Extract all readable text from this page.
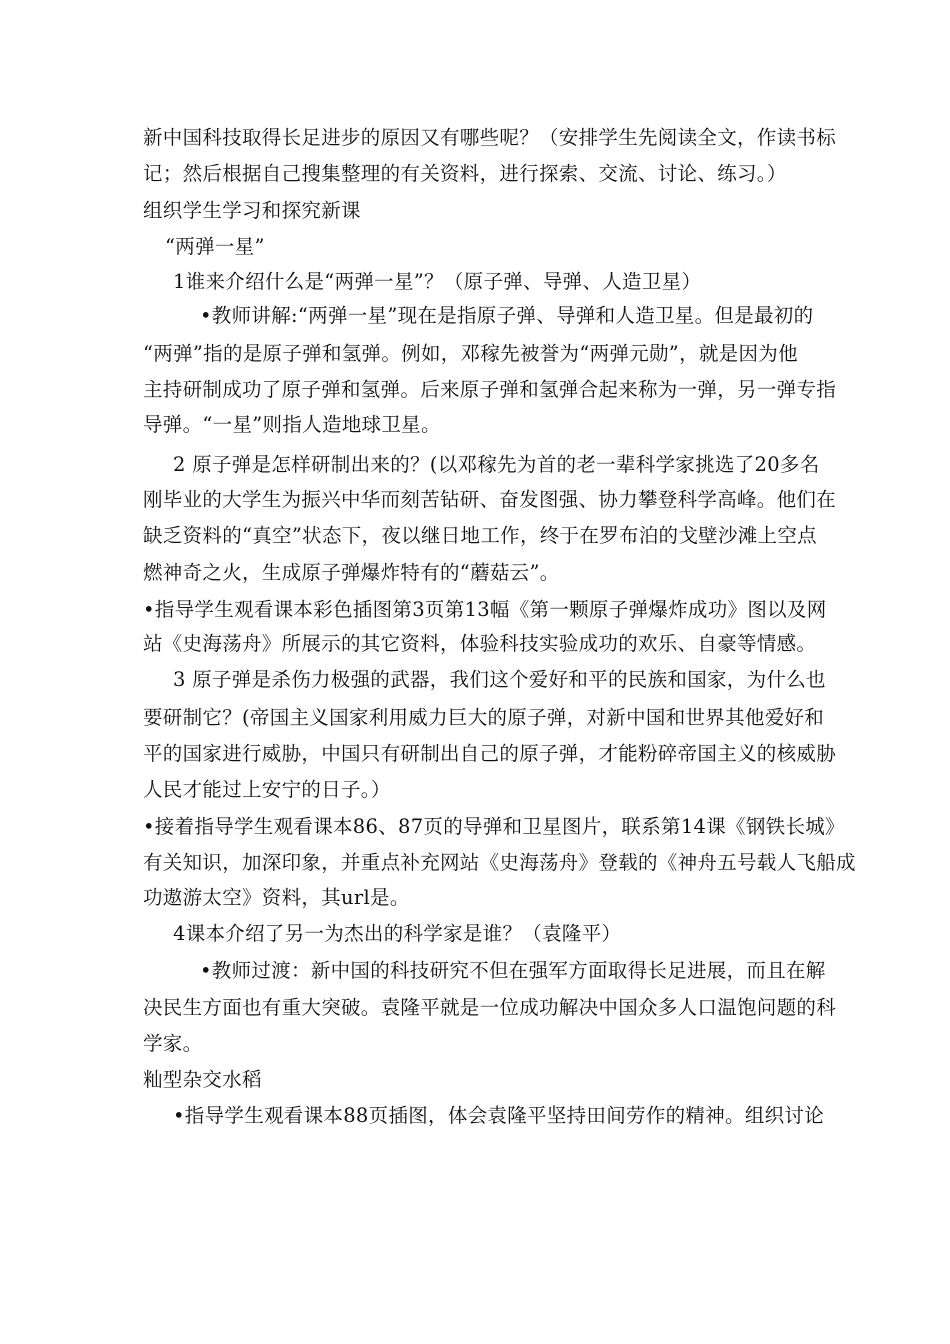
新中国科技取得长足进步的原因又有哪些呢？（安排学生先阅读全文，作读书标
记；然后根据自己搜集整理的有关资料，进行探索、交流、讨论、练习。）
组织学生学习和探究新课
“两弹一星”
1谁来介绍什么是“两弹一星”？（原子弹、导弹、人造卫星）
•教师讲解:“两弹一星”现在是指原子弹、导弹和人造卫星。但是最初的
“两弹”指的是原子弹和氢弹。例如，邓稼先被誉为“两弹元勋”，就是因为他
主持研制成功了原子弹和氢弹。后来原子弹和氢弹合起来称为一弹，另一弹专指
导弹。“一星”则指人造地球卫星。
2 原子弹是怎样研制出来的？(以邓稼先为首的老一辈科学家挑选了20多名
刚毕业的大学生为振兴中华而刻苦钻研、奋发图强、协力攀登科学高峰。他们在
缺乏资料的“真空”状态下，夜以继日地工作，终于在罗布泊的戈壁沙滩上空点
燃神奇之火，生成原子弹爆炸特有的“蘑菇云”。
•指导学生观看课本彩色插图第3页第13幅《第一颗原子弹爆炸成功》图以及网
站《史海荡舟》所展示的其它资料，体验科技实验成功的欢乐、自豪等情感。
3 原子弹是杀伤力极强的武器，我们这个爱好和平的民族和国家，为什么也
要研制它？(帝国主义国家利用威力巨大的原子弹，对新中国和世界其他爱好和
平的国家进行威胁，中国只有研制出自己的原子弹，才能粉碎帝国主义的核威胁
人民才能过上安宁的日子。）
•接着指导学生观看课本86、87页的导弹和卫星图片，联系第14课《钢铁长城》
有关知识，加深印象，并重点补充网站《史海荡舟》登载的《神舟五号载人飞船成
功遨游太空》资料，其url是。
4课本介绍了另一为杰出的科学家是谁？（袁隆平）
•教师过渡：新中国的科技研究不但在强军方面取得长足进展，而且在解
决民生方面也有重大突破。袁隆平就是一位成功解决中国众多人口温饱问题的科
学家。
籼型杂交水稻
•指导学生观看课本88页插图，体会袁隆平坚持田间劳作的精神。组织讨论
